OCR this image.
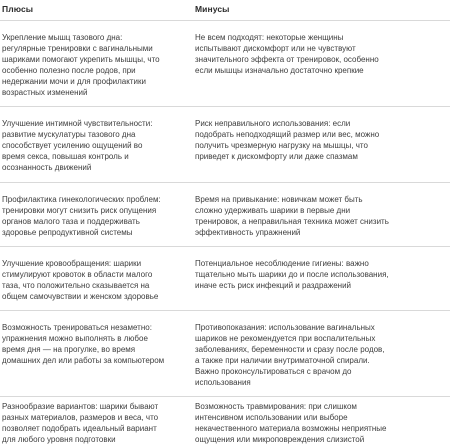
Плюсы	Минусы
Укрепление мышц тазового дна:
регулярные тренировки с вагинальными
шариками помогают укрепить мышцы, что
особенно полезно после родов, при
недержании мочи и для профилактики
возрастных изменений
Не всем подходят: некоторые женщины
испытывают дискомфорт или не чувствуют
значительного эффекта от тренировок, особенно
если мышцы изначально достаточно крепкие
Улучшение интимной чувствительности:
развитие мускулатуры тазового дна
способствует усилению ощущений во
время секса, повышая контроль и
осознанность движений
Риск неправильного использования: если
подобрать неподходящий размер или вес, можно
получить чрезмерную нагрузку на мышцы, что
приведет к дискомфорту или даже спазмам
Профилактика гинекологических проблем:
тренировки могут снизить риск опущения
органов малого таза и поддерживать
здоровье репродуктивной системы
Время на привыкание: новичкам может быть
сложно удерживать шарики в первые дни
тренировок, а неправильная техника может снизить
эффективность упражнений
Улучшение кровообращения: шарики
стимулируют кровоток в области малого
таза, что положительно сказывается на
общем самочувствии и женском здоровье
Потенциальное несоблюдение гигиены: важно
тщательно мыть шарики до и после использования,
иначе есть риск инфекций и раздражений
Возможность тренироваться незаметно:
упражнения можно выполнять в любое
время дня — на прогулке, во время
домашних дел или работы за компьютером
Противопоказания: использование вагинальных
шариков не рекомендуется при воспалительных
заболеваниях, беременности и сразу после родов,
а также при наличии внутриматочной спирали.
Важно проконсультироваться с врачом до
использования
Разнообразие вариантов: шарики бывают
разных материалов, размеров и веса, что
позволяет подобрать идеальный вариант
для любого уровня подготовки
Возможность травмирования: при слишком
интенсивном использовании или выборе
некачественного материала возможны неприятные
ощущения или микроповреждения слизистой
